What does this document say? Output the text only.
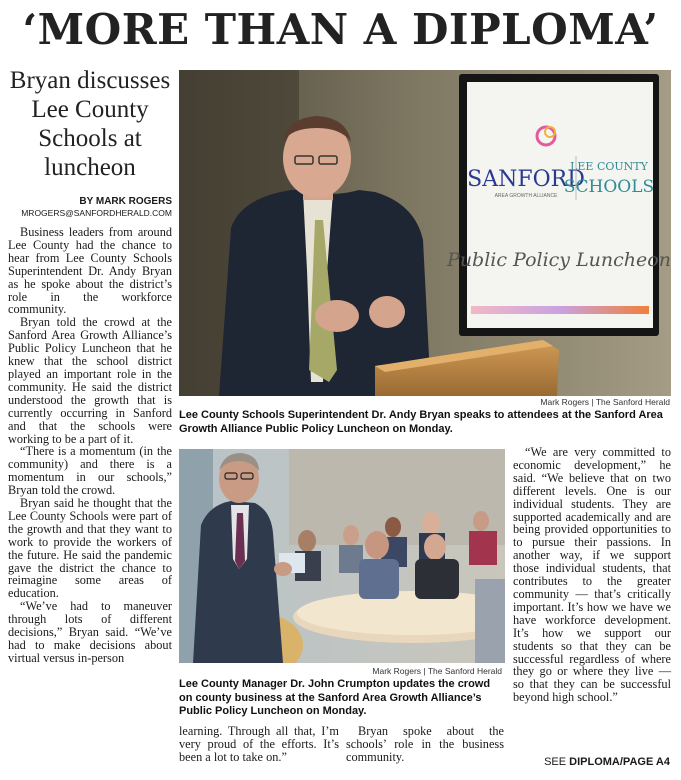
‘MORE THAN A DIPLOMA’
Bryan discusses Lee County Schools at luncheon
BY MARK ROGERS
MROGERS@SANFORDHERALD.COM

Business leaders from around Lee County had the chance to hear from Lee County Schools Superintendent Dr. Andy Bryan as he spoke about the district’s role in the workforce community.

Bryan told the crowd at the Sanford Area Growth Alliance’s Public Policy Luncheon that he knew that the school district played an important role in the community. He said the district understood the growth that is currently occurring in Sanford and that the schools were working to be a part of it.

“There is a momentum (in the community) and there is a momentum in our schools,” Bryan told the crowd.

Bryan said he thought that the Lee County Schools were part of the growth and that they want to work to provide the workers of the future. He said the pandemic gave the district the chance to reimagine some areas of education.

“We’ve had to maneuver through lots of different decisions,” Bryan said. “We’ve had to make decisions about virtual versus in-person

SANFORD
AREA GROWTH ALLIANCE
LEE COUNTY
SCHOOLS
Public Policy Luncheon
Mark Rogers | The Sanford Herald
Lee County Schools Superintendent Dr. Andy Bryan speaks to attendees at the Sanford Area Growth Alliance Public Policy Luncheon on Monday.
Mark Rogers | The Sanford Herald
Lee County Manager Dr. John Crumpton updates the crowd on county business at the Sanford Area Growth Alliance’s Public Policy Luncheon on Monday.

learning. Through all that, I’m very proud of the efforts. It’s been a lot to take on.”

Bryan spoke about the schools’ role in the business community.

“We are very committed to economic development,” he said. “We believe that on two different levels. One is our individual students. They are supported academically and are being provided opportunities to to pursue their passions. In another way, if we support those individual students, that contributes to the greater community — that’s critically important. It’s how we have we have workforce development. It’s how we support our students so that they can be successful regardless of where they go or where they live — so that they can be successful beyond high school.”

SEE DIPLOMA/PAGE A4
